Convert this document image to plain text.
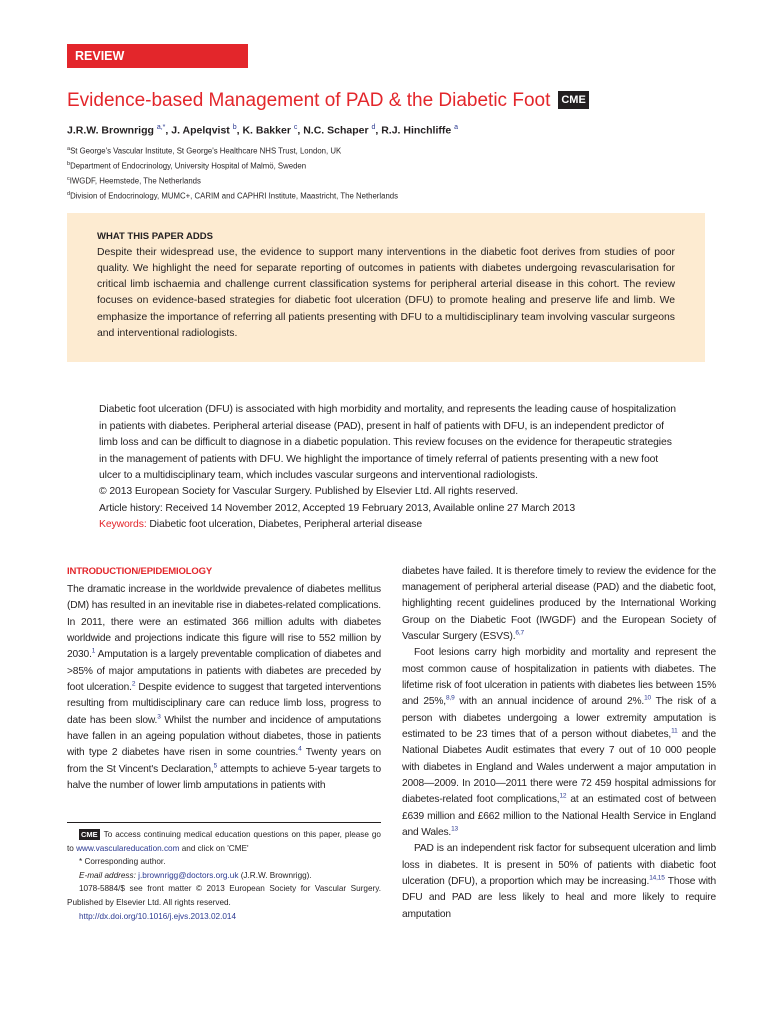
REVIEW
Evidence-based Management of PAD & the Diabetic Foot CME
J.R.W. Brownrigg $^{a,*}$, J. Apelqvist $^b$, K. Bakker $^c$, N.C. Schaper $^d$, R.J. Hinchliffe $^a$
$^a$St George's Vascular Institute, St George's Healthcare NHS Trust, London, UK
$^b$Department of Endocrinology, University Hospital of Malmö, Sweden
$^c$IWGDF, Heemstede, The Netherlands
$^d$Division of Endocrinology, MUMC+, CARIM and CAPHRI Institute, Maastricht, The Netherlands
WHAT THIS PAPER ADDS

Despite their widespread use, the evidence to support many interventions in the diabetic foot derives from studies of poor quality. We highlight the need for separate reporting of outcomes in patients with diabetes undergoing revascularisation for critical limb ischaemia and challenge current classification systems for peripheral arterial disease in this cohort. The review focuses on evidence-based strategies for diabetic foot ulceration (DFU) to promote healing and preserve life and limb. We emphasize the importance of referring all patients presenting with DFU to a multidisciplinary team involving vascular surgeons and interventional radiologists.

Diabetic foot ulceration (DFU) is associated with high morbidity and mortality, and represents the leading cause of hospitalization in patients with diabetes. Peripheral arterial disease (PAD), present in half of patients with DFU, is an independent predictor of limb loss and can be difficult to diagnose in a diabetic population. This review focuses on the evidence for therapeutic strategies in the management of patients with DFU. We highlight the importance of timely referral of patients presenting with a new foot ulcer to a multidisciplinary team, which includes vascular surgeons and interventional radiologists.
© 2013 European Society for Vascular Surgery. Published by Elsevier Ltd. All rights reserved.
Article history: Received 14 November 2012, Accepted 19 February 2013, Available online 27 March 2013
Keywords: Diabetic foot ulceration, Diabetes, Peripheral arterial disease
INTRODUCTION/EPIDEMIOLOGY

The dramatic increase in the worldwide prevalence of diabetes mellitus (DM) has resulted in an inevitable rise in diabetes-related complications. In 2011, there were an estimated 366 million adults with diabetes worldwide and projections indicate this figure will rise to 552 million by 2030.$^1$ Amputation is a largely preventable complication of diabetes and >85% of major amputations in patients with diabetes are preceded by foot ulceration.$^2$ Despite evidence to suggest that targeted interventions resulting from multidisciplinary care can reduce limb loss, progress to date has been slow.$^3$ Whilst the number and incidence of amputations have fallen in an ageing population without diabetes, those in patients with type 2 diabetes have risen in some countries.$^4$ Twenty years on from the St Vincent's Declaration,$^5$ attempts to achieve 5-year targets to halve the number of lower limb amputations in patients with

CME To access continuing medical education questions on this paper, please go to www.vasculareducation.com and click on 'CME'

* Corresponding author.

E-mail address: j.brownrigg@doctors.org.uk (J.R.W. Brownrigg).

1078-5884/$ see front matter © 2013 European Society for Vascular Surgery. Published by Elsevier Ltd. All rights reserved.

http://dx.doi.org/10.1016/j.ejvs.2013.02.014

diabetes have failed. It is therefore timely to review the evidence for the management of peripheral arterial disease (PAD) and the diabetic foot, highlighting recent guidelines produced by the International Working Group on the Diabetic Foot (IWGDF) and the European Society of Vascular Surgery (ESVS).$^{6,7}$

Foot lesions carry high morbidity and mortality and represent the most common cause of hospitalization in patients with diabetes. The lifetime risk of foot ulceration in patients with diabetes lies between 15% and 25%,$^{8,9}$ with an annual incidence of around 2%.$^{10}$ The risk of a person with diabetes undergoing a lower extremity amputation is estimated to be 23 times that of a person without diabetes,$^{11}$ and the National Diabetes Audit estimates that every 7 out of 10 000 people with diabetes in England and Wales underwent a major amputation in 2008—2009. In 2010—2011 there were 72 459 hospital admissions for diabetes-related foot complications,$^{12}$ at an estimated cost of between £639 million and £662 million to the National Health Service in England and Wales.$^{13}$

PAD is an independent risk factor for subsequent ulceration and limb loss in diabetes. It is present in 50% of patients with diabetic foot ulceration (DFU), a proportion which may be increasing.$^{14,15}$ Those with DFU and PAD are less likely to heal and more likely to require amputation
